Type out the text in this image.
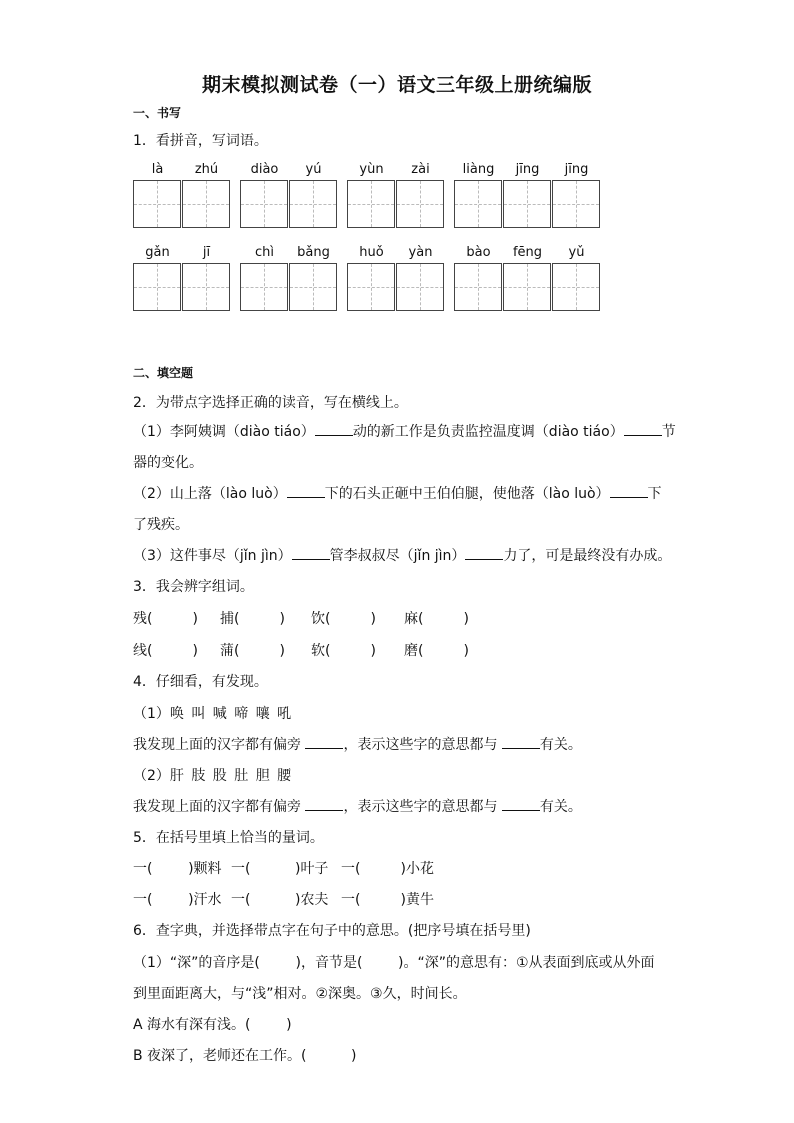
期末模拟测试卷（一）语文三年级上册统编版
一、书写
1．看拼音，写词语。
là	zhú	diào	yú	yùn	zài	liàng	jīng	jīng
gǎn	jī	chì	bǎng	huǒ	yàn	bào	fēng	yǔ
二、填空题
2．为带点字选择正确的读音，写在横线上。
（1）李阿姨调（diào tiáo）	动的新工作是负责监控温度调（diào tiáo）	节
器的变化。
（2）山上落（lào luò）	下的石头正砸中王伯伯腿，使他落（lào luò）	下
了残疾。
（3）这件事尽（jǐn jìn）	管李叔叔尽（jǐn jìn）	力了，可是最终没有办成。
3．我会辨字组词。
残(         ) 捕(         ) 饮(         ) 麻(         )
线(         ) 蒲(         ) 软(         ) 磨(         )
4．仔细看，有发现。
（1）唤 叫 喊 啼 嚷 吼
我发现上面的汉字都有偏旁	，表示这些字的意思都与	有关。
（2）肝 肢 股 肚 胆 腰
我发现上面的汉字都有偏旁	，表示这些字的意思都与	有关。
5．在括号里填上恰当的量词。
一(        )颗料 一(          )叶子 一(         )小花
一(        )汗水 一(          )农夫 一(         )黄牛
6．查字典，并选择带点字在句子中的意思。(把序号填在括号里)
（1）“深”的音序是(	)，音节是(	)。“深”的意思有：①从表面到底或从外面
到里面距离大，与“浅”相对。②深奥。③久，时间长。
A 海水有深有浅。(	)
B 夜深了，老师还在工作。(	)
